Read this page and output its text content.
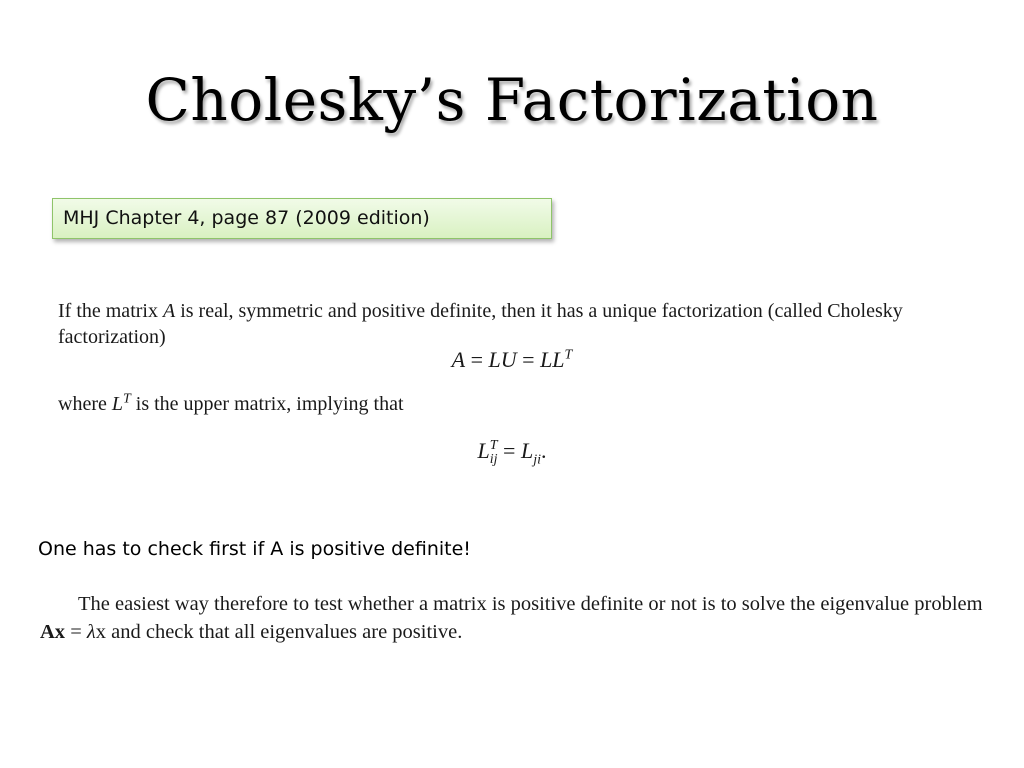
Cholesky’s Factorization
MHJ Chapter 4, page 87 (2009 edition)
If the matrix A is real, symmetric and positive definite, then it has a unique factorization (called Cholesky factorization)
A = LU = $LL^T$
where $L^T$ is the upper matrix, implying that
L T
ij = $L_{ji}$.
One has to check first if A is positive definite!
The easiest way therefore to test whether a matrix is positive definite or not is to solve the eigenvalue problem Ax = λx and check that all eigenvalues are positive.
